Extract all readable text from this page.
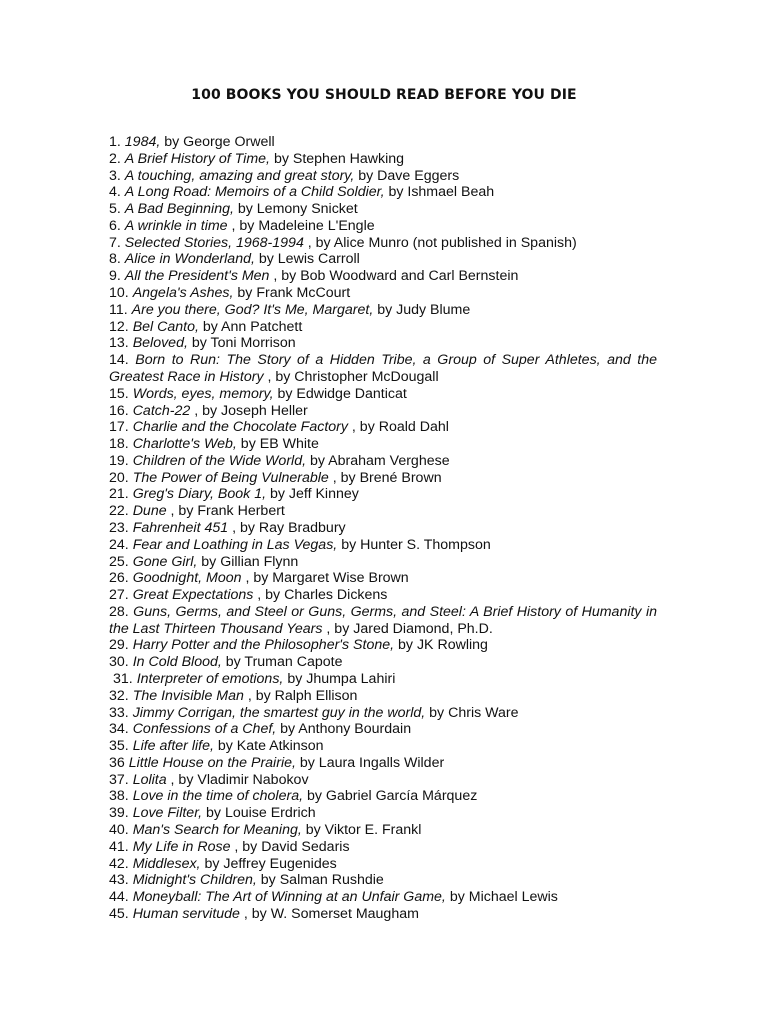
100 BOOKS YOU SHOULD READ BEFORE YOU DIE
1. 1984, by George Orwell
2. A Brief History of Time, by Stephen Hawking
3. A touching, amazing and great story, by Dave Eggers
4. A Long Road: Memoirs of a Child Soldier, by Ishmael Beah
5. A Bad Beginning, by Lemony Snicket
6. A wrinkle in time , by Madeleine L'Engle
7. Selected Stories, 1968-1994 , by Alice Munro (not published in Spanish)
8. Alice in Wonderland, by Lewis Carroll
9. All the President's Men , by Bob Woodward and Carl Bernstein
10. Angela's Ashes, by Frank McCourt
11. Are you there, God? It's Me, Margaret, by Judy Blume
12. Bel Canto, by Ann Patchett
13. Beloved, by Toni Morrison
14. Born to Run: The Story of a Hidden Tribe, a Group of Super Athletes, and the Greatest Race in History , by Christopher McDougall
15. Words, eyes, memory, by Edwidge Danticat
16. Catch-22 , by Joseph Heller
17. Charlie and the Chocolate Factory , by Roald Dahl
18. Charlotte's Web, by EB White
19. Children of the Wide World, by Abraham Verghese
20. The Power of Being Vulnerable , by Brené Brown
21. Greg's Diary, Book 1, by Jeff Kinney
22. Dune , by Frank Herbert
23. Fahrenheit 451 , by Ray Bradbury
24. Fear and Loathing in Las Vegas, by Hunter S. Thompson
25. Gone Girl, by Gillian Flynn
26. Goodnight, Moon , by Margaret Wise Brown
27. Great Expectations , by Charles Dickens
28. Guns, Germs, and Steel or Guns, Germs, and Steel: A Brief History of Humanity in the Last Thirteen Thousand Years , by Jared Diamond, Ph.D.
29. Harry Potter and the Philosopher's Stone, by JK Rowling
30. In Cold Blood, by Truman Capote
31. Interpreter of emotions, by Jhumpa Lahiri
32. The Invisible Man , by Ralph Ellison
33. Jimmy Corrigan, the smartest guy in the world, by Chris Ware
34. Confessions of a Chef, by Anthony Bourdain
35. Life after life, by Kate Atkinson
36 Little House on the Prairie, by Laura Ingalls Wilder
37. Lolita , by Vladimir Nabokov
38. Love in the time of cholera, by Gabriel García Márquez
39. Love Filter, by Louise Erdrich
40. Man's Search for Meaning, by Viktor E. Frankl
41. My Life in Rose , by David Sedaris
42. Middlesex, by Jeffrey Eugenides
43. Midnight's Children, by Salman Rushdie
44. Moneyball: The Art of Winning at an Unfair Game, by Michael Lewis
45. Human servitude , by W. Somerset Maugham
